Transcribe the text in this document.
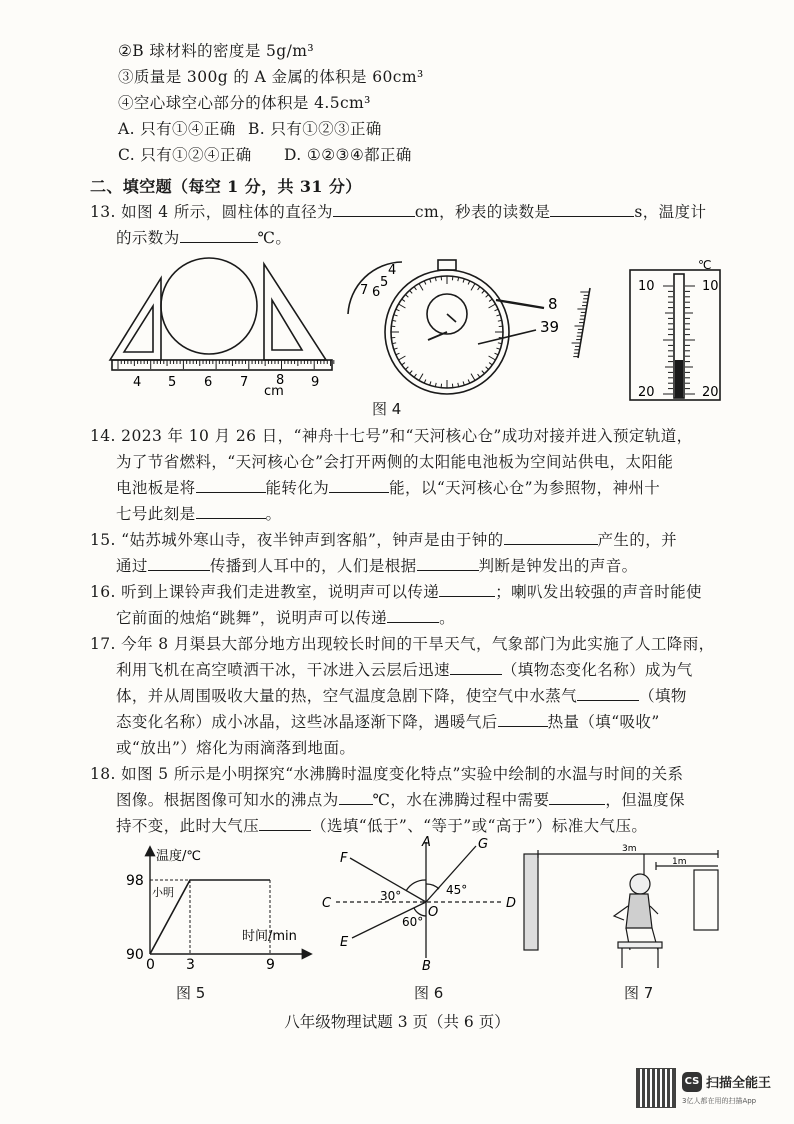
②B 球材料的密度是 5g/m³
③质量是 300g 的 A 金属的体积是 60cm³
④空心球空心部分的体积是 4.5cm³
A. 只有①④正确 B. 只有①②③正确
C. 只有①②④正确 D. ①②③④都正确
二、填空题（每空 1 分，共 31 分）
13. 如图 4 所示，圆柱体的直径为	cm，秒表的读数是	s，温度计
的示数为	℃。
4 5 6 7 8 9
cm
4
5
6
7
8
39
℃
10	10
20	20
图 4
14. 2023 年 10 月 26 日，“神舟十七号”和“天河核心仓”成功对接并进入预定轨道，
为了节省燃料，“天河核心仓”会打开两侧的太阳能电池板为空间站供电，太阳能
电池板是将	能转化为	能，以“天河核心仓”为参照物，神州十
七号此刻是	。
15. “姑苏城外寒山寺，夜半钟声到客船”，钟声是由于钟的	产生的，并
通过	传播到人耳中的，人们是根据	判断是钟发出的声音。
16. 听到上课铃声我们走进教室，说明声可以传递	；喇叭发出较强的声音时能使
它前面的烛焰“跳舞”，说明声可以传递	。
17. 今年 8 月渠县大部分地方出现较长时间的干旱天气，气象部门为此实施了人工降雨，
利用飞机在高空喷洒干冰，干冰进入云层后迅速	（填物态变化名称）成为气
体，并从周围吸收大量的热，空气温度急剧下降，使空气中水蒸气	（填物
态变化名称）成小冰晶，这些冰晶逐渐下降，遇暖气后	热量（填“吸收”
或“放出”）熔化为雨滴落到地面。
18. 如图 5 所示是小明探究“水沸腾时温度变化特点”实验中绘制的水温与时间的关系
图像。根据图像可知水的沸点为 ℃，水在沸腾过程中需要	，但温度保
持不变，此时大气压	（选填“低于”、“等于”或“高于”）标准大气压。
温度/℃
时间/min
90
98
0 3	9
小明
图 5
A
B
C	D
E
F
G
O
30°	45°
60°
图 6
3m
1m
图 7
八年级物理试题 3 页（共 6 页）
CS 扫描全能王
3亿人都在用的扫描App
